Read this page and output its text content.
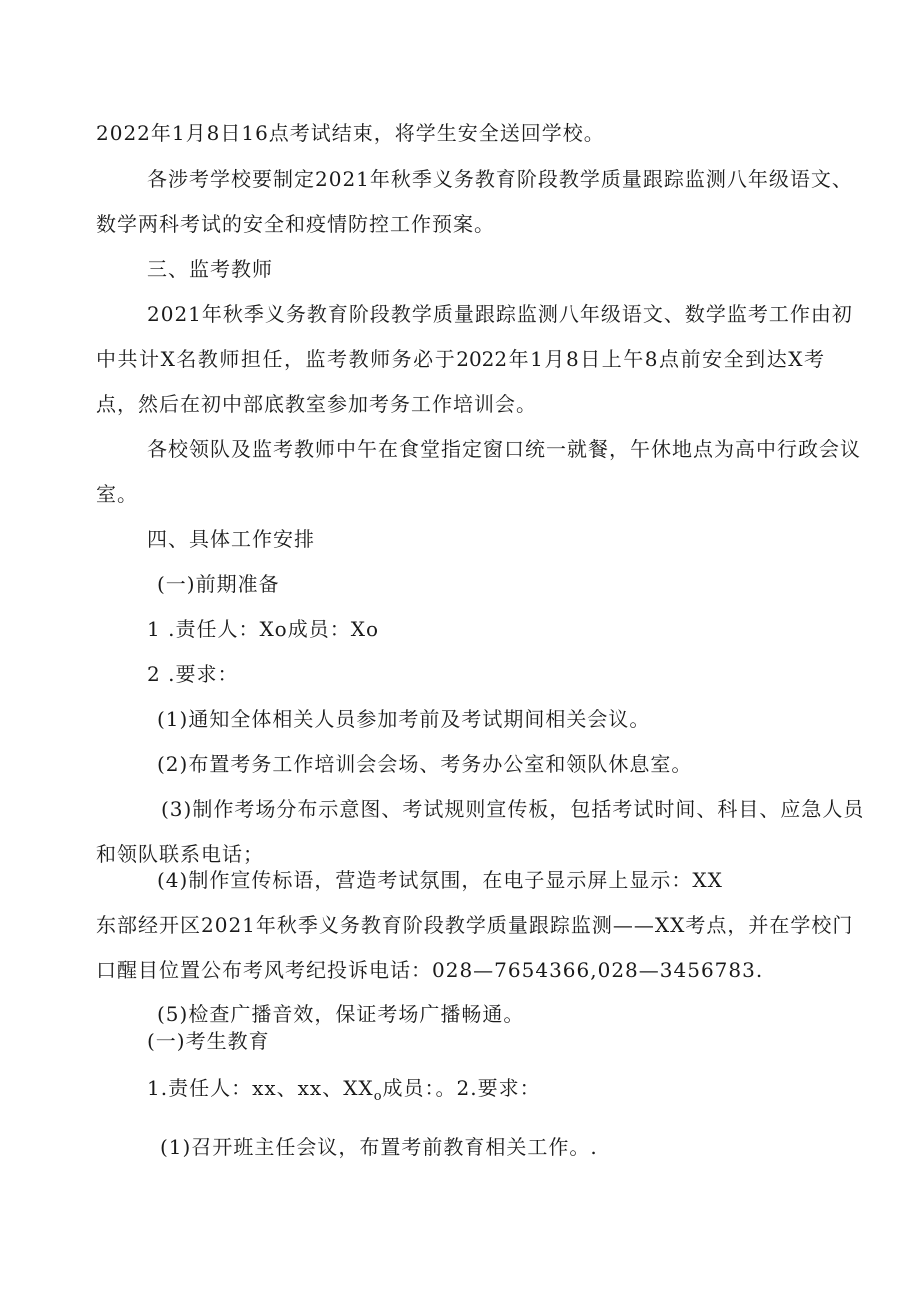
2022年1月8日16点考试结束，将学生安全送回学校。
各涉考学校要制定2021年秋季义务教育阶段教学质量跟踪监测八年级语文、
数学两科考试的安全和疫情防控工作预案。
三、监考教师
2021年秋季义务教育阶段教学质量跟踪监测八年级语文、数学监考工作由初
中共计X名教师担任，监考教师务必于2022年1月8日上午8点前安全到达X考
点，然后在初中部底教室参加考务工作培训会。
各校领队及监考教师中午在食堂指定窗口统一就餐，午休地点为高中行政会议
室。
四、具体工作安排
(一)前期准备
1 .责任人：Xo成员：Xo
2 .要求：
(1)通知全体相关人员参加考前及考试期间相关会议。
(2)布置考务工作培训会会场、考务办公室和领队休息室。
(3)制作考场分布示意图、考试规则宣传板，包括考试时间、科目、应急人员
和领队联系电话；
(4)制作宣传标语，营造考试氛围，在电子显示屏上显示：XX
东部经开区2021年秋季义务教育阶段教学质量跟踪监测——XX考点，并在学校门
口醒目位置公布考风考纪投诉电话：028—7654366,028—3456783.
(5)检查广播音效，保证考场广播畅通。
(一)考生教育
1.责任人：xx、xx、$XX_o$成员：。2.要求：
(1)召开班主任会议，布置考前教育相关工作。.
